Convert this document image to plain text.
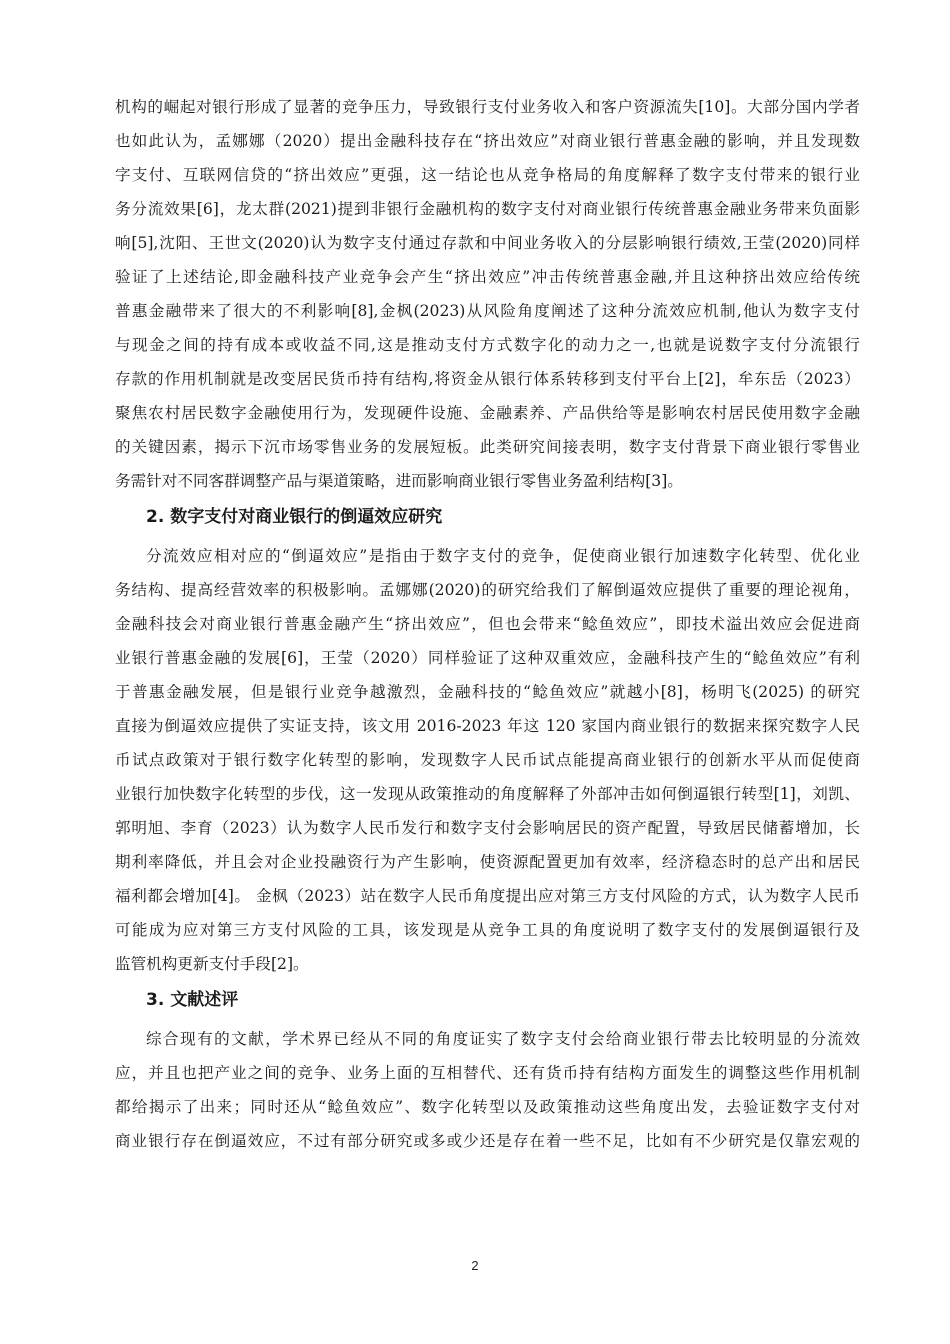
机构的崛起对银行形成了显著的竞争压力，导致银行支付业务收入和客户资源流失[10]。大部分国内学者
也如此认为，孟娜娜（2020）提出金融科技存在“挤出效应”对商业银行普惠金融的影响，并且发现数
字支付、互联网信贷的“挤出效应”更强，这一结论也从竞争格局的角度解释了数字支付带来的银行业
务分流效果[6]，龙太群(2021)提到非银行金融机构的数字支付对商业银行传统普惠金融业务带来负面影
响[5],沈阳、王世文(2020)认为数字支付通过存款和中间业务收入的分层影响银行绩效,王莹(2020)同样
验证了上述结论,即金融科技产业竞争会产生“挤出效应”冲击传统普惠金融,并且这种挤出效应给传统
普惠金融带来了很大的不利影响[8],金枫(2023)从风险角度阐述了这种分流效应机制,他认为数字支付
与现金之间的持有成本或收益不同,这是推动支付方式数字化的动力之一,也就是说数字支付分流银行
存款的作用机制就是改变居民货币持有结构,将资金从银行体系转移到支付平台上[2]，牟东岳（2023）
聚焦农村居民数字金融使用行为，发现硬件设施、金融素养、产品供给等是影响农村居民使用数字金融
的关键因素，揭示下沉市场零售业务的发展短板。此类研究间接表明，数字支付背景下商业银行零售业
务需针对不同客群调整产品与渠道策略，进而影响商业银行零售业务盈利结构[3]。
2. 数字支付对商业银行的倒逼效应研究
分流效应相对应的“倒逼效应”是指由于数字支付的竞争，促使商业银行加速数字化转型、优化业
务结构、提高经营效率的积极影响。孟娜娜(2020)的研究给我们了解倒逼效应提供了重要的理论视角，
金融科技会对商业银行普惠金融产生“挤出效应”，但也会带来“鲶鱼效应”，即技术溢出效应会促进商
业银行普惠金融的发展[6]，王莹（2020）同样验证了这种双重效应，金融科技产生的“鲶鱼效应”有利
于普惠金融发展，但是银行业竞争越激烈，金融科技的“鲶鱼效应”就越小[8]，杨明飞(2025) 的研究
直接为倒逼效应提供了实证支持，该文用 2016-2023 年这 120 家国内商业银行的数据来探究数字人民
币试点政策对于银行数字化转型的影响，发现数字人民币试点能提高商业银行的创新水平从而促使商
业银行加快数字化转型的步伐，这一发现从政策推动的角度解释了外部冲击如何倒逼银行转型[1]，刘凯、
郭明旭、李育（2023）认为数字人民币发行和数字支付会影响居民的资产配置，导致居民储蓄增加，长
期利率降低，并且会对企业投融资行为产生影响，使资源配置更加有效率，经济稳态时的总产出和居民
福利都会增加[4]。 金枫（2023）站在数字人民币角度提出应对第三方支付风险的方式，认为数字人民币
可能成为应对第三方支付风险的工具，该发现是从竞争工具的角度说明了数字支付的发展倒逼银行及
监管机构更新支付手段[2]。
3. 文献述评
综合现有的文献，学术界已经从不同的角度证实了数字支付会给商业银行带去比较明显的分流效
应，并且也把产业之间的竞争、业务上面的互相替代、还有货币持有结构方面发生的调整这些作用机制
都给揭示了出来；同时还从“鲶鱼效应”、数字化转型以及政策推动这些角度出发，去验证数字支付对
商业银行存在倒逼效应，不过有部分研究或多或少还是存在着一些不足，比如有不少研究是仅靠宏观的
2
